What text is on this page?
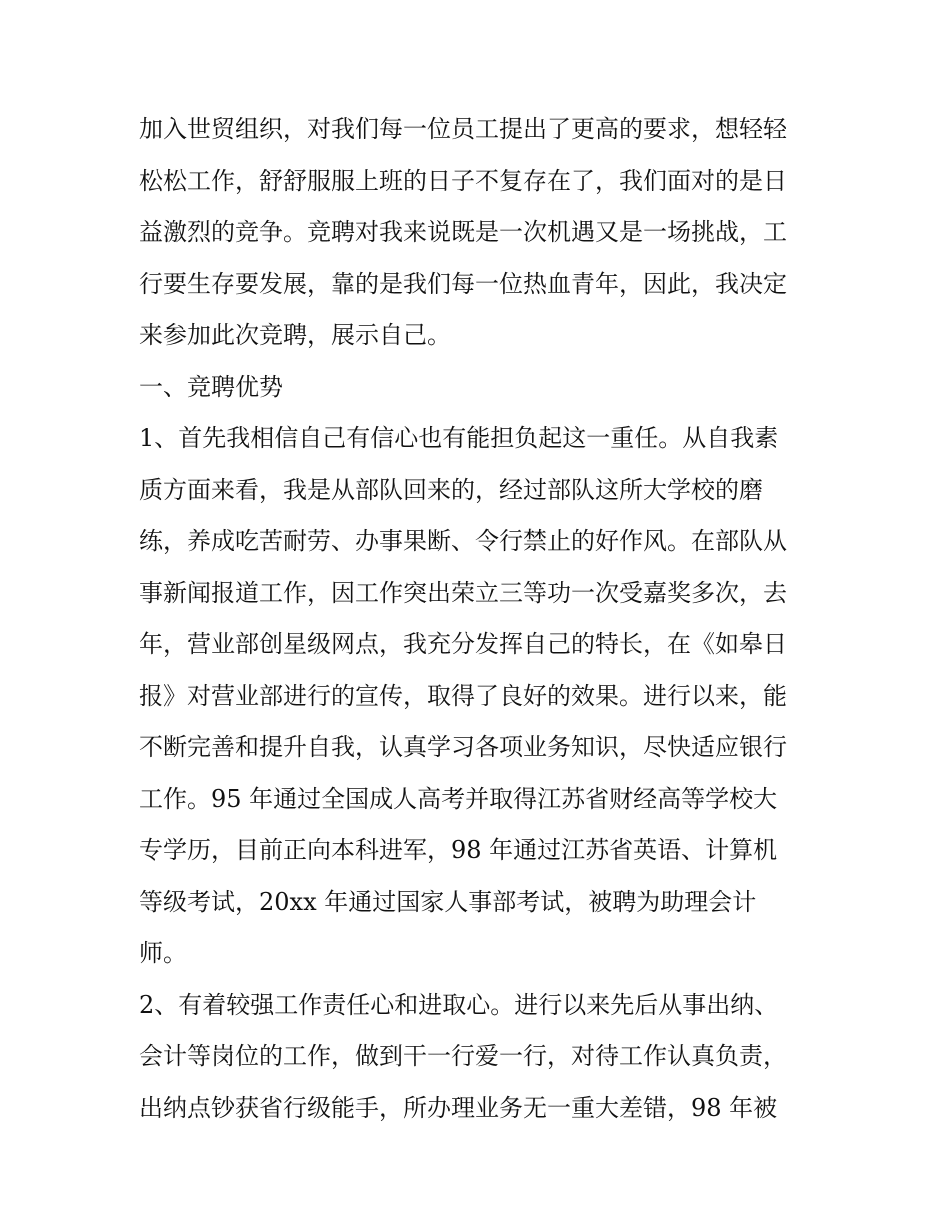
加入世贸组织，对我们每一位员工提出了更高的要求，想轻轻

松松工作，舒舒服服上班的日子不复存在了，我们面对的是日

益激烈的竞争。竞聘对我来说既是一次机遇又是一场挑战，工

行要生存要发展，靠的是我们每一位热血青年，因此，我决定

来参加此次竞聘，展示自己。

一、竞聘优势

1、首先我相信自己有信心也有能担负起这一重任。从自我素

质方面来看，我是从部队回来的，经过部队这所大学校的磨

练，养成吃苦耐劳、办事果断、令行禁止的好作风。在部队从

事新闻报道工作，因工作突出荣立三等功一次受嘉奖多次，去

年，营业部创星级网点，我充分发挥自己的特长，在《如皋日

报》对营业部进行的宣传，取得了良好的效果。进行以来，能

不断完善和提升自我，认真学习各项业务知识，尽快适应银行

工作。95 年通过全国成人高考并取得江苏省财经高等学校大

专学历，目前正向本科进军，98 年通过江苏省英语、计算机

等级考试，20xx 年通过国家人事部考试，被聘为助理会计

师。

2、有着较强工作责任心和进取心。进行以来先后从事出纳、

会计等岗位的工作，做到干一行爱一行，对待工作认真负责，

出纳点钞获省行级能手，所办理业务无一重大差错，98 年被
